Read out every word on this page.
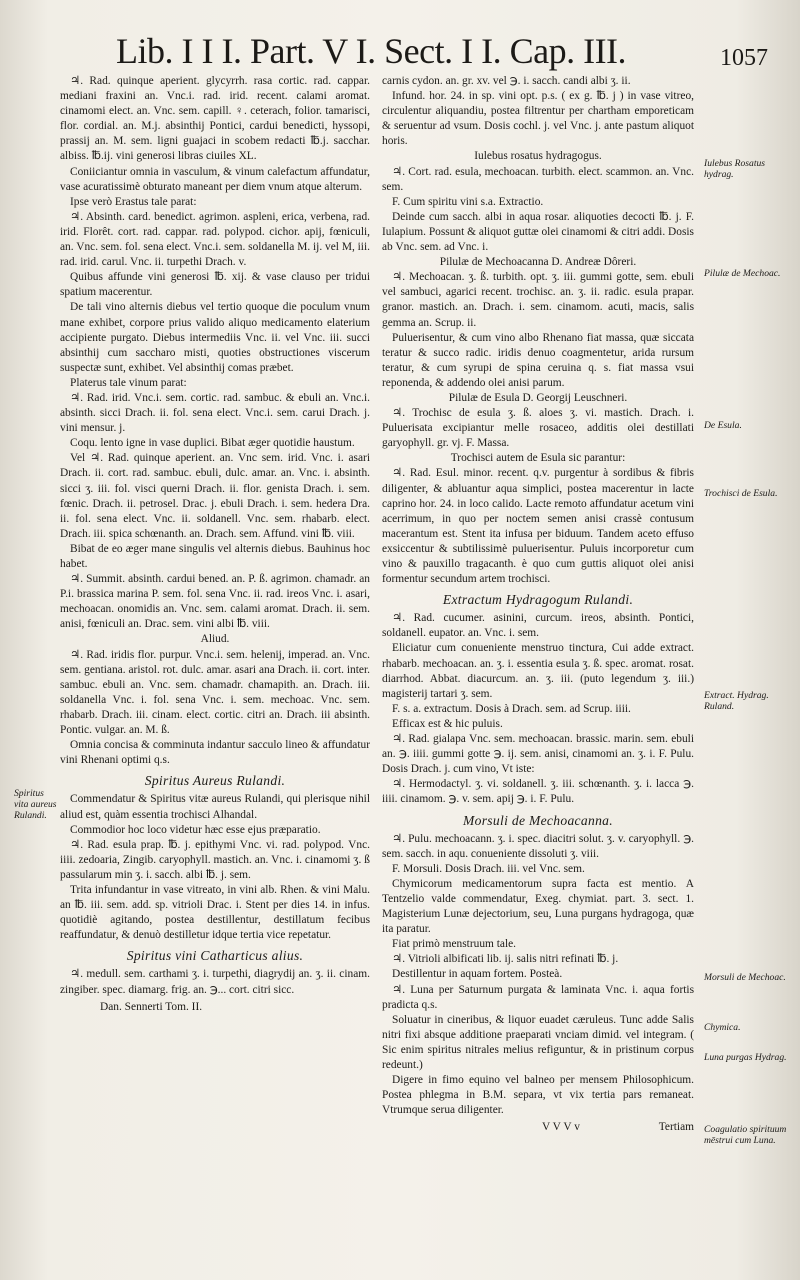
Lib. I I I. Part. V I. Sect. I I. Cap. III.	1057

♃. Rad. quinque aperient. glycyrrh. rasa cortic. rad. cappar. mediani fraxini an. Vnc.i. rad. irid. recent. calami aromat. cinamomi elect. an. Vnc. sem. capill. ♀. ceterach, folior. tamarisci, flor. cordial. an. M.j. absinthij Pontici, cardui benedicti, hyssopi, prassij an. M. sem. ligni guajaci in scobem redacti ℔.j. sacchar. albiss. ℔.ij. vini generosi libras ciuiles XL.

Coniiciantur omnia in vasculum, & vinum calefactum affundatur, vase acuratissimè obturato maneant per diem vnum atque alterum.

Ipse verò Erastus tale parat:

♃. Absinth. card. benedict. agrimon. aspleni, erica, verbena, rad. irid. Florêt. cort. rad. cappar. rad. polypod. cichor. apij, fœniculi, an. Vnc. sem. fol. sena elect. Vnc.i. sem. soldanella M. ij. vel M, iii. rad. irid. carul. Vnc. ii. turpethi Drach. v.

Quibus affunde vini generosi ℔. xij. & vase clauso per tridui spatium macerentur.

De tali vino alternis diebus vel tertio quoque die poculum vnum mane exhibet, corpore prius valido aliquo medicamento elaterium accipiente purgato. Diebus intermediis Vnc. ii. vel Vnc. iii. succi absinthij cum saccharo misti, quoties obstructiones viscerum suspectæ sunt, exhibet. Vel absinthij comas præbet.

Platerus tale vinum parat:

♃. Rad. irid. Vnc.i. sem. cortic. rad. sambuc. & ebuli an. Vnc.i. absinth. sicci Drach. ii. fol. sena elect. Vnc.i. sem. carui Drach. j. vini mensur. j.

Coqu. lento igne in vase duplici. Bibat æger quotidie haustum.

Vel ♃. Rad. quinque aperient. an. Vnc sem. irid. Vnc. i. asari Drach. ii. cort. rad. sambuc. ebuli, dulc. amar. an. Vnc. i. absinth. sicci ʒ. iii. fol. visci querni Drach. ii. flor. genista Drach. i. sem. fœnic. Drach. ii. petrosel. Drac. j. ebuli Drach. i. sem. hedera Dra. ii. fol. sena elect. Vnc. ii. soldanell. Vnc. sem. rhabarb. elect. Drach. iii. spica schœnanth. an. Drach. sem. Affund. vini ℔. viii.

Bibat de eo æger mane singulis vel alternis diebus. Bauhinus hoc habet.

♃. Summit. absinth. cardui bened. an. P. ß. agrimon. chamadr. an P.i. brassica marina P. sem. fol. sena Vnc. ii. rad. ireos Vnc. i. asari, mechoacan. onomidis an. Vnc. sem. calami aromat. Drach. ii. sem. anisi, fœniculi an. Drac. sem. vini albi ℔. viii.

Aliud.

♃. Rad. iridis flor. purpur. Vnc.i. sem. helenij, imperad. an. Vnc. sem. gentiana. aristol. rot. dulc. amar. asari ana Drach. ii. cort. inter. sambuc. ebuli an. Vnc. sem. chamadr. chamapith. an. Drach. iii. soldanella Vnc. i. fol. sena Vnc. i. sem. mechoac. Vnc. sem. rhabarb. Drach. iii. cinam. elect. cortic. citri an. Drach. iii absinth. Pontic. vulgar. an. M. ß.

Omnia concisa & comminuta indantur sacculo lineo & affundatur vini Rhenani optimi q.s.

Spiritus Aureus Rulandi.

Commendatur & Spiritus vitæ aureus Rulandi, qui plerisque nihil aliud est, quàm essentia trochisci Alhandal.

Commodior hoc loco videtur hæc esse ejus præparatio.

♃. Rad. esula prap. ℔. j. epithymi Vnc. vi. rad. polypod. Vnc. iiii. zedoaria, Zingib. caryophyll. mastich. an. Vnc. i. cinamomi ʒ. ß passularum min ʒ. i. sacch. albi ℔. j. sem.

Trita infundantur in vase vitreato, in vini alb. Rhen. & vini Malu. an ℔. iii. sem. add. sp. vitrioli Drac. i. Stent per dies 14. in infus. quotidiè agitando, postea destillentur, destillatum fecibus reaffundatur, & denuò destilletur idque tertia vice repetatur.

Spiritus vini Catharticus alius.

♃. medull. sem. carthami ʒ. i. turpethi, diagrydij an. ʒ. ii. cinam. zingiber. spec. diamarg. frig. an. ℈... cort. citri sicc.

Dan. Sennerti Tom. II.

carnis cydon. an. gr. xv. vel ℈. i. sacch. candi albi ʒ. ii.

Infund. hor. 24. in sp. vini opt. p.s. ( ex g. ℔. j ) in vase vitreo, circulentur aliquandiu, postea filtrentur per chartham emporeticam & seruentur ad vsum. Dosis cochl. j. vel Vnc. j. ante pastum aliquot horis.

Iulebus rosatus hydragogus.

♃. Cort. rad. esula, mechoacan. turbith. elect. scammon. an. Vnc. sem.

F. Cum spiritu vini s.a. Extractio.

Deinde cum sacch. albi in aqua rosar. aliquoties decocti ℔. j. F. Iulapium. Possunt & aliquot guttæ olei cinamomi & citri addi. Dosis ab Vnc. sem. ad Vnc. i.

Pilulæ de Mechoacanna D. Andreæ Dôreri.

♃. Mechoacan. ʒ. ß. turbith. opt. ʒ. iii. gummi gotte, sem. ebuli vel sambuci, agarici recent. trochisc. an. ʒ. ii. radic. esula prapar. granor. mastich. an. Drach. i. sem. cinamom. acuti, macis, salis gemma an. Scrup. ii.

Puluerisentur, & cum vino albo Rhenano fiat massa, quæ siccata teratur & succo radic. iridis denuo coagmentetur, arida rursum teratur, & cum syrupi de spina ceruina q. s. fiat massa vsui reponenda, & addendo olei anisi parum.

Pilulæ de Esula D. Georgij Leuschneri.

♃. Trochisc de esula ʒ. ß. aloes ʒ. vi. mastich. Drach. i. Puluerisata excipiantur melle rosaceo, additis olei destillati garyophyll. gr. vj. F. Massa.

Trochisci autem de Esula sic parantur:

♃. Rad. Esul. minor. recent. q.v. purgentur à sordibus & fibris diligenter, & abluantur aqua simplici, postea macerentur in lacte caprino hor. 24. in loco calido. Lacte remoto affundatur acetum vini acerrimum, in quo per noctem semen anisi crassè contusum macerantum est. Stent ita infusa per biduum. Tandem aceto effuso exsiccentur & subtilissimè puluerisentur. Puluis incorporetur cum vino & pauxillo tragacanth. è quo cum guttis aliquot olei anisi formentur secundum artem trochisci.

Extractum Hydragogum Rulandi.

♃. Rad. cucumer. asinini, curcum. ireos, absinth. Pontici, soldanell. eupator. an. Vnc. i. sem.

Eliciatur cum conueniente menstruo tinctura, Cui adde extract. rhabarb. mechoacan. an. ʒ. i. essentia esula ʒ. ß. spec. aromat. rosat. diarrhod. Abbat. diacurcum. an. ʒ. iii. (puto legendum ʒ. iii.) magisterij tartari ʒ. sem.

F. s. a. extractum. Dosis à Drach. sem. ad Scrup. iiii.

Efficax est & hic puluis.

♃. Rad. gialapa Vnc. sem. mechoacan. brassic. marin. sem. ebuli an. ℈. iiii. gummi gotte ℈. ij. sem. anisi, cinamomi an. ʒ. i. F. Pulu. Dosis Drach. j. cum vino, Vt iste:

♃. Hermodactyl. ʒ. vi. soldanell. ʒ. iii. schœnanth. ʒ. i. lacca ℈. iiii. cinamom. ℈. v. sem. apij ℈. i. F. Pulu.

Morsuli de Mechoacanna.

♃. Pulu. mechoacann. ʒ. i. spec. diacitri solut. ʒ. v. caryophyll. ℈. sem. sacch. in aqu. conueniente dissoluti ʒ. viii.

F. Morsuli. Dosis Drach. iii. vel Vnc. sem.

Chymicorum medicamentorum supra facta est mentio. A Tentzelio valde commendatur, Exeg. chymiat. part. 3. sect. 1. Magisterium Lunæ dejectorium, seu, Luna purgans hydragoga, quæ ita paratur.

Fiat primò menstruum tale.

♃. Vitrioli albificati lib. ij. salis nitri refinati ℔. j.

Destillentur in aquam fortem. Posteà.

♃. Luna per Saturnum purgata & laminata Vnc. i. aqua fortis pradicta q.s.

Soluatur in cineribus, & liquor euadet cæruleus. Tunc adde Salis nitri fixi absque additione praeparati vnciam dimid. vel integram. ( Sic enim spiritus nitrales melius refiguntur, & in pristinum corpus redeunt.)

Digere in fimo equino vel balneo per mensem Philosophicum. Postea phlegma in B.M. separa, vt vix tertia pars remaneat. Vtrumque serua diligenter.

V V V v	Tertiam
Spiritus vita aureus Rulandi.
Iulebus Rosatus hydrag.
Pilulæ de Mechoac.
De Esula.
Trochisci de Esula.
Extract. Hydrag. Ruland.
Morsuli de Mechoac.
Chymica.
Luna purgas Hydrag.
Coagulatio spirituum mēstrui cum Luna.
